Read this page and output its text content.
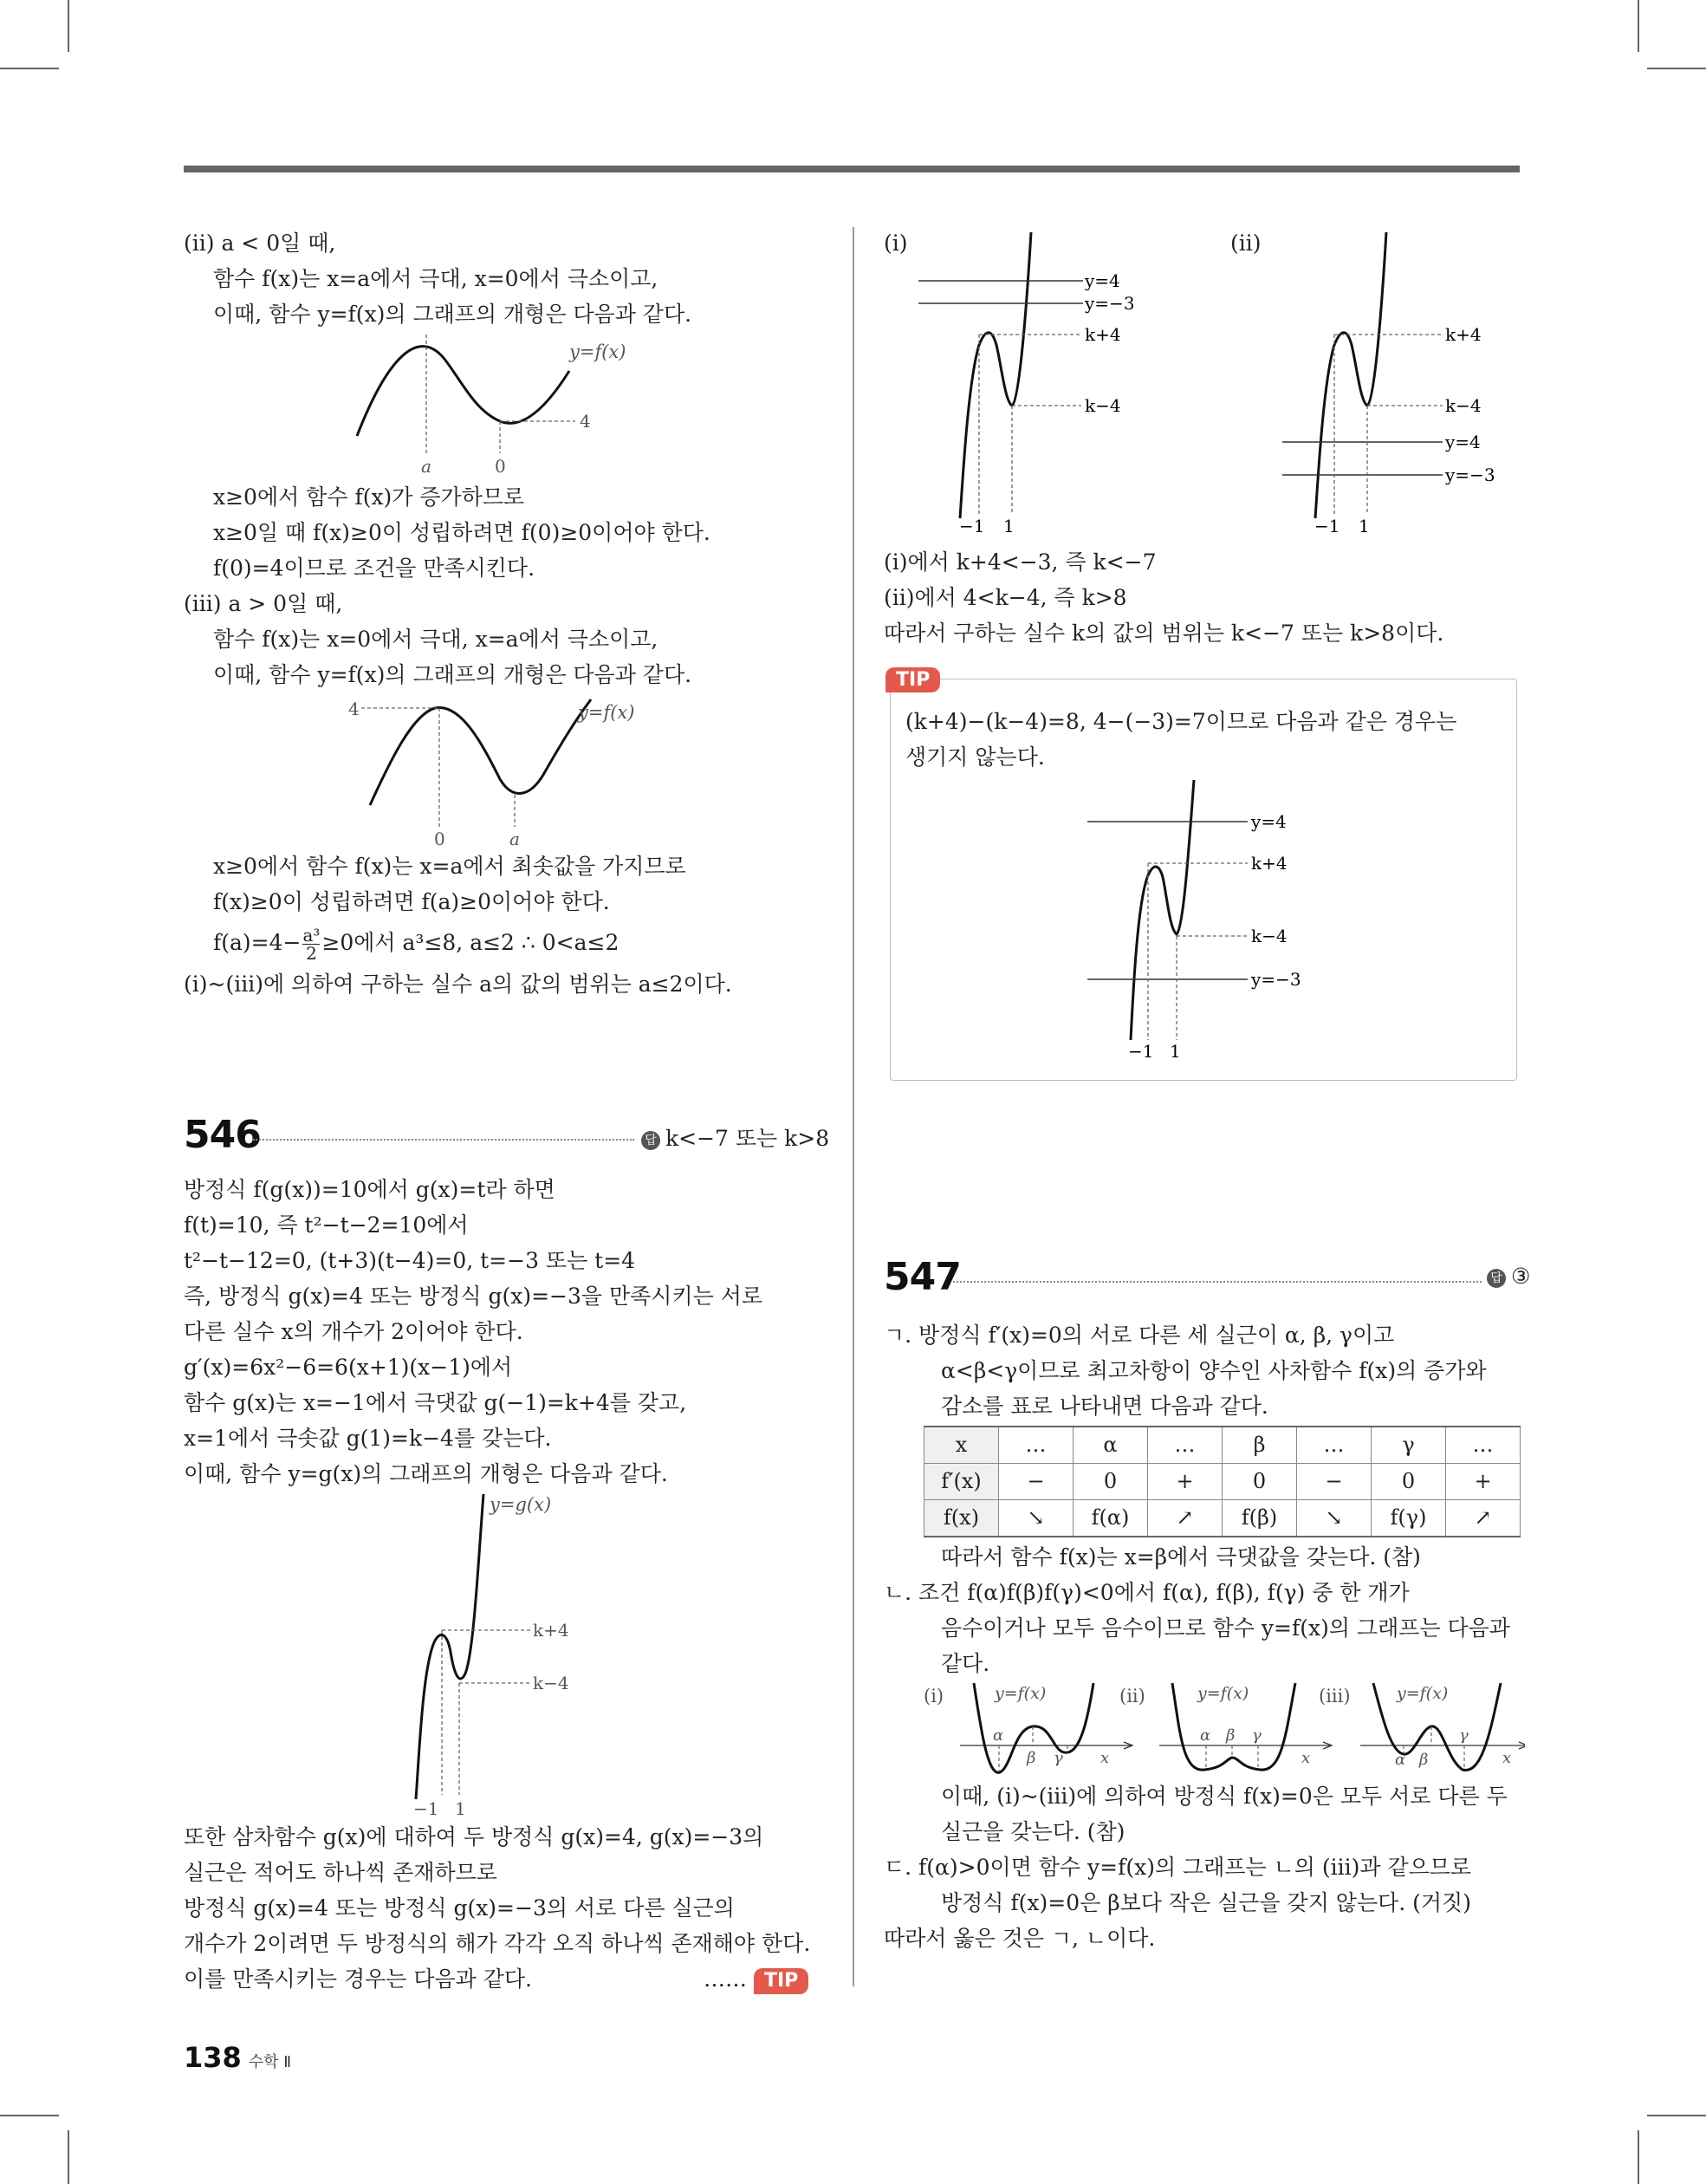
(ii) a < 0일 때,
함수 f(x)는 x=a에서 극대, x=0에서 극소이고,
이때, 함수 y=f(x)의 그래프의 개형은 다음과 같다.
y=f(x)
4
a	0
x≥0에서 함수 f(x)가 증가하므로
x≥0일 때 f(x)≥0이 성립하려면 f(0)≥0이어야 한다.
f(0)=4이므로 조건을 만족시킨다.
(iii) a > 0일 때,
함수 f(x)는 x=0에서 극대, x=a에서 극소이고,
이때, 함수 y=f(x)의 그래프의 개형은 다음과 같다.
4	y=f(x)
0	a
x≥0에서 함수 f(x)는 x=a에서 최솟값을 가지므로
f(x)≥0이 성립하려면 f(a)≥0이어야 한다.
$f(a)=4- \frac{\text{a³}}{2} \ge 0$에서 a³≤8, a≤2 ∴ 0<a≤2
(i)~(iii)에 의하여 구하는 실수 a의 값의 범위는 a≤2이다.
546	답 k<−7 또는 k>8
방정식 f(g(x))=10에서 g(x)=t라 하면
f(t)=10, 즉 t²−t−2=10에서
t²−t−12=0, (t+3)(t−4)=0, t=−3 또는 t=4
즉, 방정식 g(x)=4 또는 방정식 g(x)=−3을 만족시키는 서로
다른 실수 x의 개수가 2이어야 한다.
g′(x)=6x²−6=6(x+1)(x−1)에서
함수 g(x)는 x=−1에서 극댓값 g(−1)=k+4를 갖고,
x=1에서 극솟값 g(1)=k−4를 갖는다.
이때, 함수 y=g(x)의 그래프의 개형은 다음과 같다.
y=g(x)
k+4
k−4
−1 1
또한 삼차함수 g(x)에 대하여 두 방정식 g(x)=4, g(x)=−3의
실근은 적어도 하나씩 존재하므로
방정식 g(x)=4 또는 방정식 g(x)=−3의 서로 다른 실근의
개수가 2이려면 두 방정식의 해가 각각 오직 하나씩 존재해야 한다.
이를 만족시키는 경우는 다음과 같다.	…… TIP
(i)
y=4
y=−3
k+4
k−4
−1 1
(ii)
k+4
k−4
y=4
y=−3
−1 1
(i)에서 k+4<−3, 즉 k<−7
(ii)에서 4<k−4, 즉 k>8
따라서 구하는 실수 k의 값의 범위는 k<−7 또는 k>8이다.
TIP
(k+4)−(k−4)=8, 4−(−3)=7이므로 다음과 같은 경우는
생기지 않는다.
y=4
k+4
k−4
y=−3
−1 1
547	답 ③
ㄱ. 방정식 f′(x)=0의 서로 다른 세 실근이 α, β, γ이고
α<β<γ이므로 최고차항이 양수인 사차함수 f(x)의 증가와
감소를 표로 나타내면 다음과 같다.
x	…	α	…	β	…	γ	…
f′(x)	−	0	+	0	−	0	+
f(x)	↘	f(α)	↗	f(β)	↘	f(γ)	↗
따라서 함수 f(x)는 x=β에서 극댓값을 갖는다. (참)
ㄴ. 조건 f(α)f(β)f(γ)<0에서 f(α), f(β), f(γ) 중 한 개가
음수이거나 모두 음수이므로 함수 y=f(x)의 그래프는 다음과
같다.
(i)	y=f(x)
α
β γ x
(ii)	y=f(x)
α β γ
x
(iii)	y=f(x)
α β
γ
x
이때, (i)~(iii)에 의하여 방정식 f(x)=0은 모두 서로 다른 두
실근을 갖는다. (참)
ㄷ. f(α)>0이면 함수 y=f(x)의 그래프는 ㄴ의 (iii)과 같으므로
방정식 f(x)=0은 β보다 작은 실근을 갖지 않는다. (거짓)
따라서 옳은 것은 ㄱ, ㄴ이다.
138 수학 Ⅱ
